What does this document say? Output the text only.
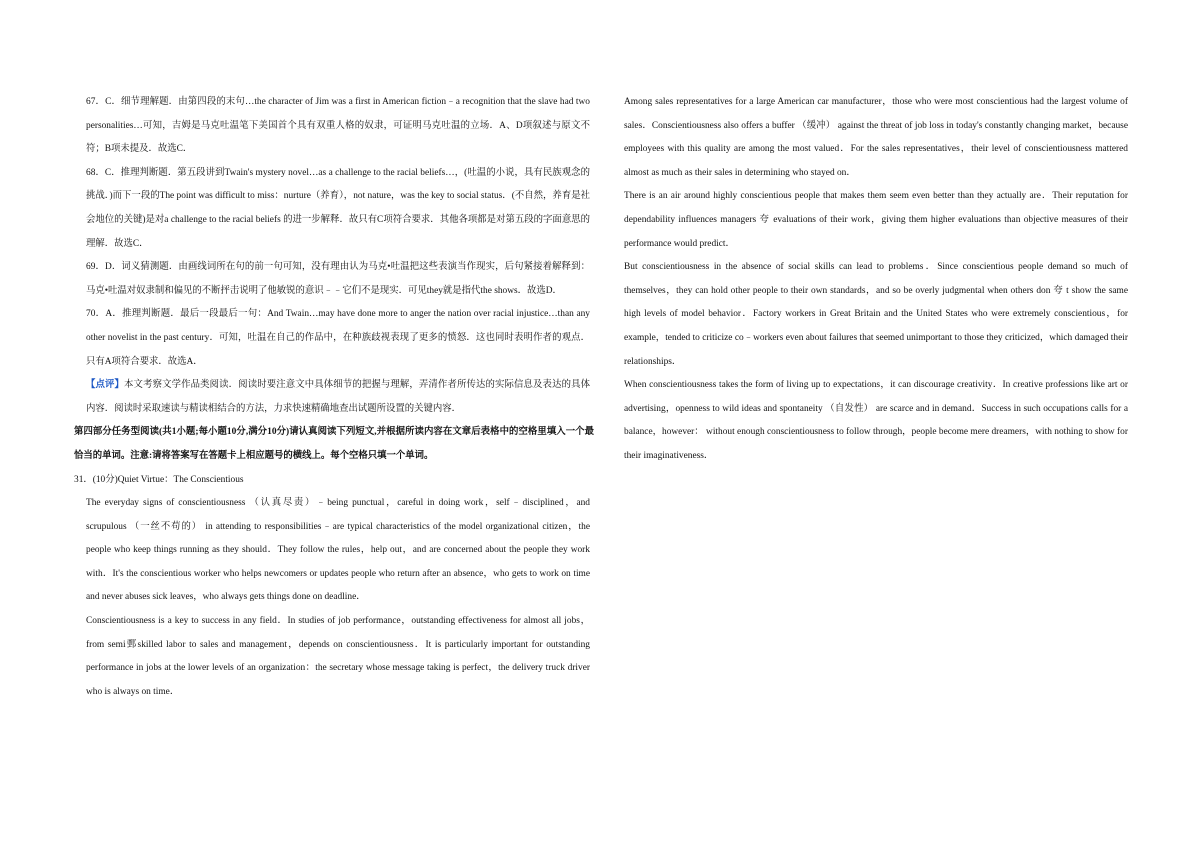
67．C．细节理解题．由第四段的末句…the character of Jim was a first in American fiction﹣a recognition that the slave had two personalities…可知，吉姆是马克吐温笔下美国首个具有双重人格的奴隶，可证明马克吐温的立场．A、D项叙述与原文不符；B项未提及．故选C．

68．C．推理判断题．第五段讲到Twain's mystery novel…as a challenge to the racial beliefs…，(吐温的小说，具有民族观念的挑战．)而下一段的The point was difficult to miss：nurture（养育），not nature，was the key to social status．(不自然，养育是社会地位的关键)是对a challenge to the racial beliefs 的进一步解释．故只有C项符合要求．其他各项都是对第五段的字面意思的理解．故选C．

69．D．词义猜测题．由画线词所在句的前一句可知，没有理由认为马克•吐温把这些表演当作现实，后句紧接着解释到：马克•吐温对奴隶制和偏见的不断抨击说明了他敏锐的意识﹣﹣它们不是现实．可见they就是指代the shows．故选D．

70．A．推理判断题．最后一段最后一句：And Twain…may have done more to anger the nation over racial injustice…than any other novelist in the past century．可知，吐温在自己的作品中，在种族歧视表现了更多的愤怒．这也同时表明作者的观点．只有A项符合要求．故选A．

【点评】本文考察文学作品类阅读．阅读时要注意文中具体细节的把握与理解，弄清作者所传达的实际信息及表达的具体内容．阅读时采取速读与精读相结合的方法，力求快速精确地查出试题所设置的关键内容．

第四部分任务型阅读(共1小题;每小题10分,满分10分)请认真阅读下列短文,并根据所读内容在文章后表格中的空格里填入一个最恰当的单词。注意:请将答案写在答题卡上相应题号的横线上。每个空格只填一个单词。

31．(10分)Quiet Virtue：The Conscientious

The everyday signs of conscientiousness （认真尽责）﹣being punctual，careful in doing work，self﹣disciplined，and scrupulous （一丝不苟的） in attending to responsibilities﹣are typical characteristics of the model organizational citizen，the people who keep things running as they should．They follow the rules，help out，and are concerned about the people they work with．It's the conscientious worker who helps newcomers or updates people who return after an absence，who gets to work on time and never abuses sick leaves，who always gets things done on deadline．

Conscientiousness is a key to success in any field．In studies of job performance，outstanding effectiveness for almost all jobs，from semi鄄skilled labor to sales and management，depends on conscientiousness．It is particularly important for outstanding performance in jobs at the lower levels of an organization：the secretary whose message taking is perfect，the delivery truck driver who is always on time．

Among sales representatives for a large American car manufacturer，those who were most conscientious had the largest volume of sales．Conscientiousness also offers a buffer （缓冲） against the threat of job loss in today's constantly changing market，because employees with this quality are among the most valued．For the sales representatives，their level of conscientiousness mattered almost as much as their sales in determining who stayed on．

There is an air around highly conscientious people that makes them seem even better than they actually are．Their reputation for dependability influences managers 夸 evaluations of their work，giving them higher evaluations than objective measures of their performance would predict．

But conscientiousness in the absence of social skills can lead to problems．Since conscientious people demand so much of themselves，they can hold other people to their own standards，and so be overly judgmental when others don 夸 t show the same high levels of model behavior．Factory workers in Great Britain and the United States who were extremely conscientious，for example，tended to criticize co﹣workers even about failures that seemed unimportant to those they criticized，which damaged their relationships．

When conscientiousness takes the form of living up to expectations，it can discourage creativity．In creative professions like art or advertising，openness to wild ideas and spontaneity （自发性） are scarce and in demand．Success in such occupations calls for a balance，however： without enough conscientiousness to follow through，people become mere dreamers，with nothing to show for their imaginativeness．
